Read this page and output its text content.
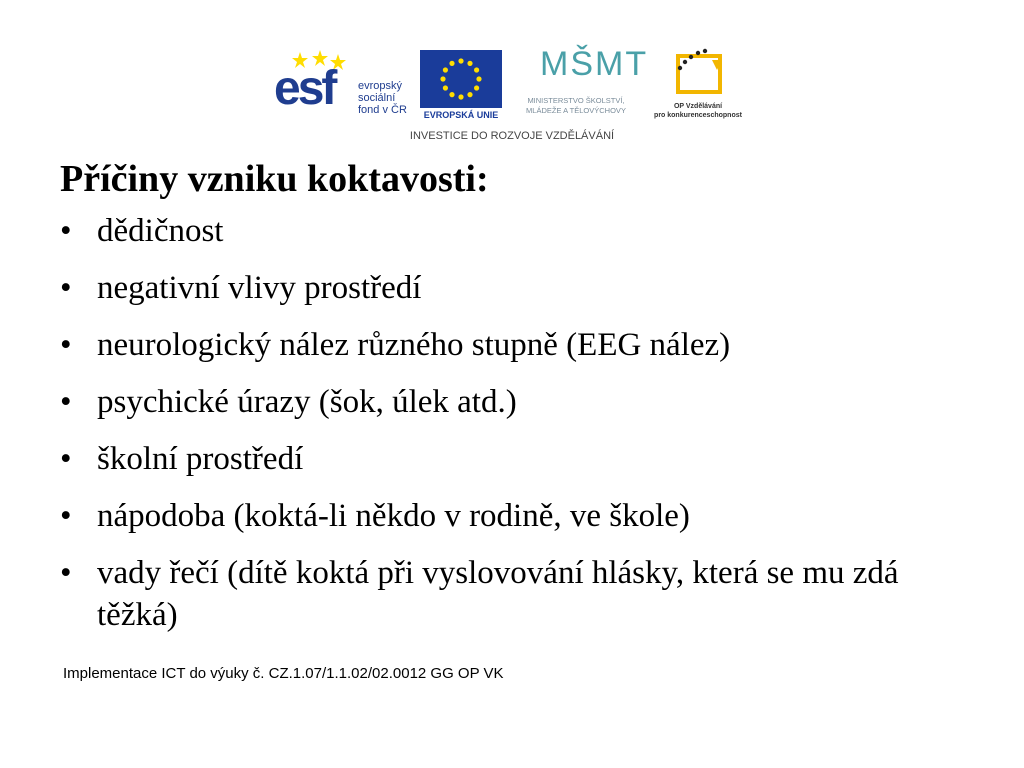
esf evropský
sociální
fond v ČR	EVROPSKÁ UNIE
MŠMT
MINISTERSTVO ŠKOLSTVÍ,
MLÁDEŽE A TĚLOVÝCHOVY	OP Vzdělávání
pro konkurenceschopnost
INVESTICE DO ROZVOJE VZDĚLÁVÁNÍ
Příčiny vzniku koktavosti:
• dědičnost
• negativní vlivy prostředí
• neurologický nález různého stupně (EEG nález)
• psychické úrazy (šok, úlek atd.)
• školní prostředí
• nápodoba (koktá-li někdo v rodině, ve škole)
• vady řečí (dítě koktá při vyslovování hlásky, která se mu zdá těžká)
Implementace ICT do výuky č. CZ.1.07/1.1.02/02.0012 GG OP VK
